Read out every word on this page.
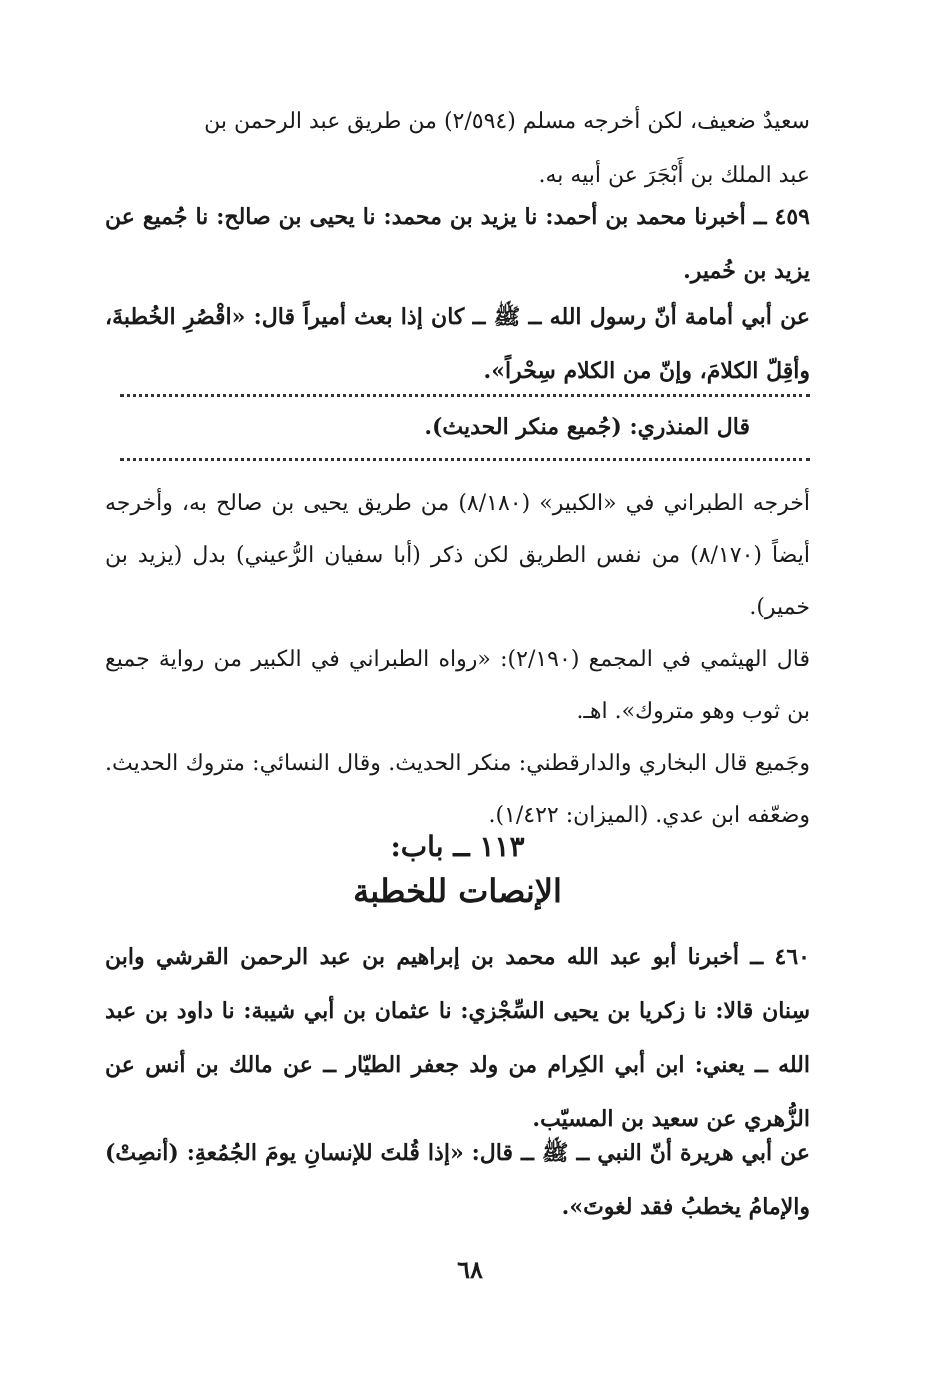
سعيدٌ ضعيف، لكن أخرجه مسلم (٢/٥٩٤) من طريق عبد الرحمن بن

عبد الملك بن أَبْجَرَ عن أبيه به.

٤٥٩ ــ أخبرنا محمد بن أحمد: نا يزيد بن محمد: نا يحيى بن صالح: نا جُميع عن يزيد بن خُمير.

عن أبي أمامة أنّ رسول الله ــ ﷺ ــ كان إذا بعث أميراً قال: «اقْصُرِ الخُطبةَ، وأقِلّ الكلامَ، وإنّ من الكلام سِحْراً».

قال المنذري: (جُميع منكر الحديث).

أخرجه الطبراني في «الكبير» (٨/١٨٠) من طريق يحيى بن صالح به، وأخرجه أيضاً (٨/١٧٠) من نفس الطريق لكن ذكر (أبا سفيان الرُّعيني) بدل (يزيد بن خمير).

قال الهيثمي في المجمع (٢/١٩٠): «رواه الطبراني في الكبير من رواية جميع بن ثوب وهو متروك». اهـ.

وجَميع قال البخاري والدارقطني: منكر الحديث. وقال النسائي: متروك الحديث. وضعّفه ابن عدي. (الميزان: ١/٤٢٢).

١١٣ ــ باب:
الإنصات للخطبة

٤٦٠ ــ أخبرنا أبو عبد الله محمد بن إبراهيم بن عبد الرحمن القرشي وابن سِنان قالا: نا زكريا بن يحيى السِّجْزي: نا عثمان بن أبي شيبة: نا داود بن عبد الله ــ يعني: ابن أبي الكِرام من ولد جعفر الطيّار ــ عن مالك بن أنس عن الزُّهري عن سعيد بن المسيّب.

عن أبي هريرة أنّ النبي ــ ﷺ ــ قال: «إذا قُلتَ للإنسانِ يومَ الجُمُعةِ: (أنصِتْ) والإمامُ يخطبُ فقد لغوتَ».

٦٨
